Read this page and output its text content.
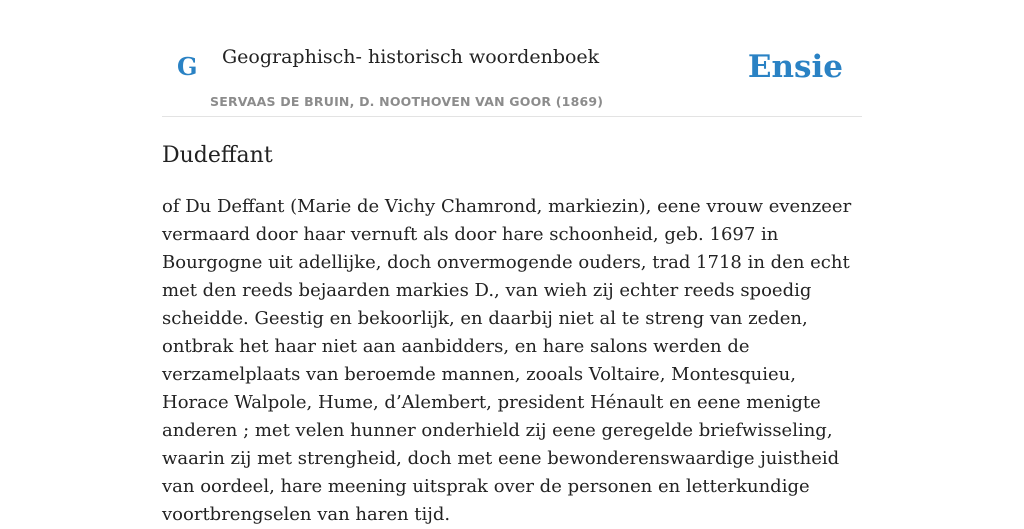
G Geographisch- historisch woordenboek
SERVAAS DE BRUIN, D. NOOTHOVEN VAN GOOR (1869)
Ensie
Dudeffant

of Du Deffant (Marie de Vichy Chamrond, markiezin), eene vrouw evenzeer vermaard door haar vernuft als door hare schoonheid, geb. 1697 in Bourgogne uit adellijke, doch onvermogende ouders, trad 1718 in den echt met den reeds bejaarden markies D., van wieh zij echter reeds spoedig scheidde. Geestig en bekoorlijk, en daarbij niet al te streng van zeden, ontbrak het haar niet aan aanbidders, en hare salons werden de verzamelplaats van beroemde mannen, zooals Voltaire, Montesquieu, Horace Walpole, Hume, d’Alembert, president Hénault en eene menigte anderen ; met velen hunner onderhield zij eene geregelde briefwisseling, waarin zij met strengheid, doch met eene bewonderenswaardige juistheid van oordeel, hare meening uitsprak over de personen en letterkundige voortbrengselen van haren tijd.
